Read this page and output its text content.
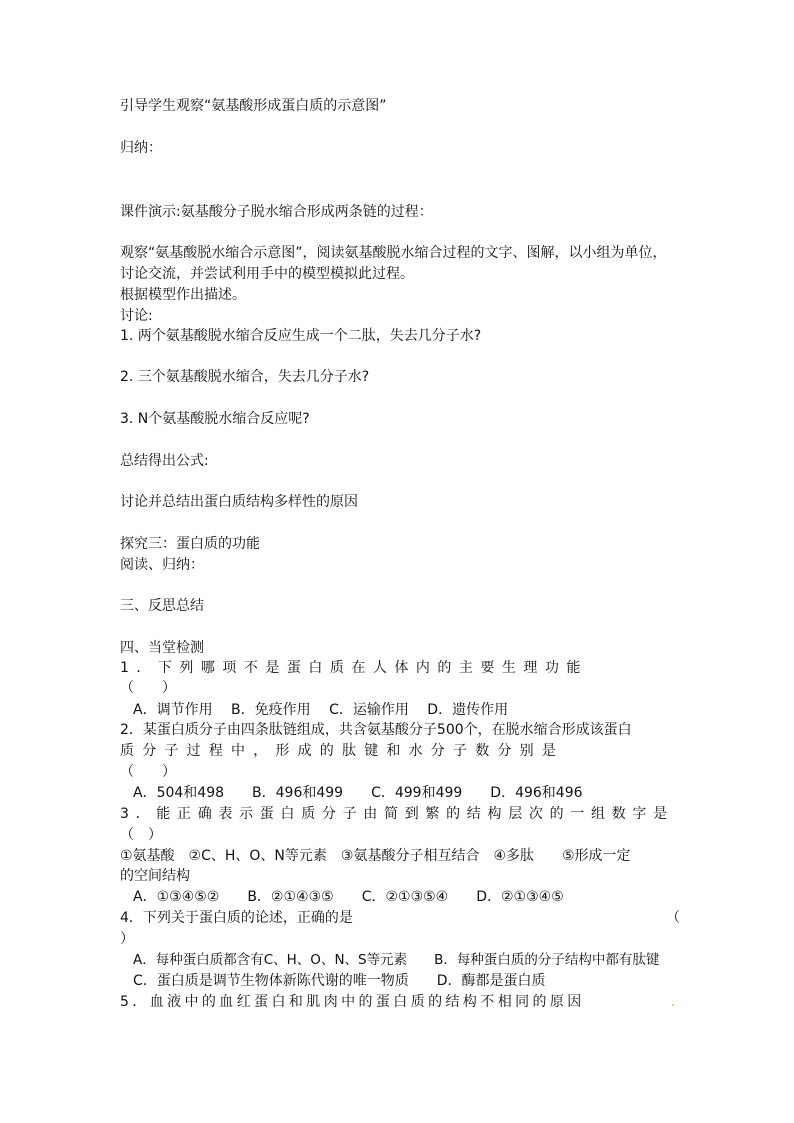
引导学生观察“氨基酸形成蛋白质的示意图”
归纳：
课件演示:氨基酸分子脱水缩合形成两条链的过程：
观察“氨基酸脱水缩合示意图”，阅读氨基酸脱水缩合过程的文字、图解，以小组为单位，
讨论交流，并尝试利用手中的模型模拟此过程。
根据模型作出描述。
讨论:
1. 两个氨基酸脱水缩合反应生成一个二肽，失去几分子水?
2. 三个氨基酸脱水缩合，失去几分子水?
3. N个氨基酸脱水缩合反应呢?
总结得出公式:
讨论并总结出蛋白质结构多样性的原因
探究三：蛋白质的功能
阅读、归纳：
三、反思总结
四、当堂检测
1．下列哪项不是蛋白质在人体内的主要生理功能
（　　）
A．调节作用　 B．免疫作用　 C．运输作用　 D．遗传作用
2．某蛋白质分子由四条肽链组成，共含氨基酸分子500个，在脱水缩合形成该蛋白
质分子过程中，形成的肽键和水分子数分别是
（　　）
A．504和498　　B．496和499　　C．499和499　　D．496和496
3．能正确表示蛋白质分子由简到繁的结构层次的一组数字是
（　）
①氨基酸　②C、H、O、N等元素　③氨基酸分子相互结合　④多肽　　⑤形成一定
的空间结构
A．①③④⑤②　　B．②①④③⑤　　C．②①③⑤④　　D．②①③④⑤
4．下列关于蛋白质的论述，正确的是	（
）
A．每种蛋白质都含有C、H、O、N、S等元素　　B．每种蛋白质的分子结构中都有肽键
C．蛋白质是调节生物体新陈代谢的唯一物质　　D．酶都是蛋白质
5．血液中的血红蛋白和肌肉中的蛋白质的结构不相同的原因	.
